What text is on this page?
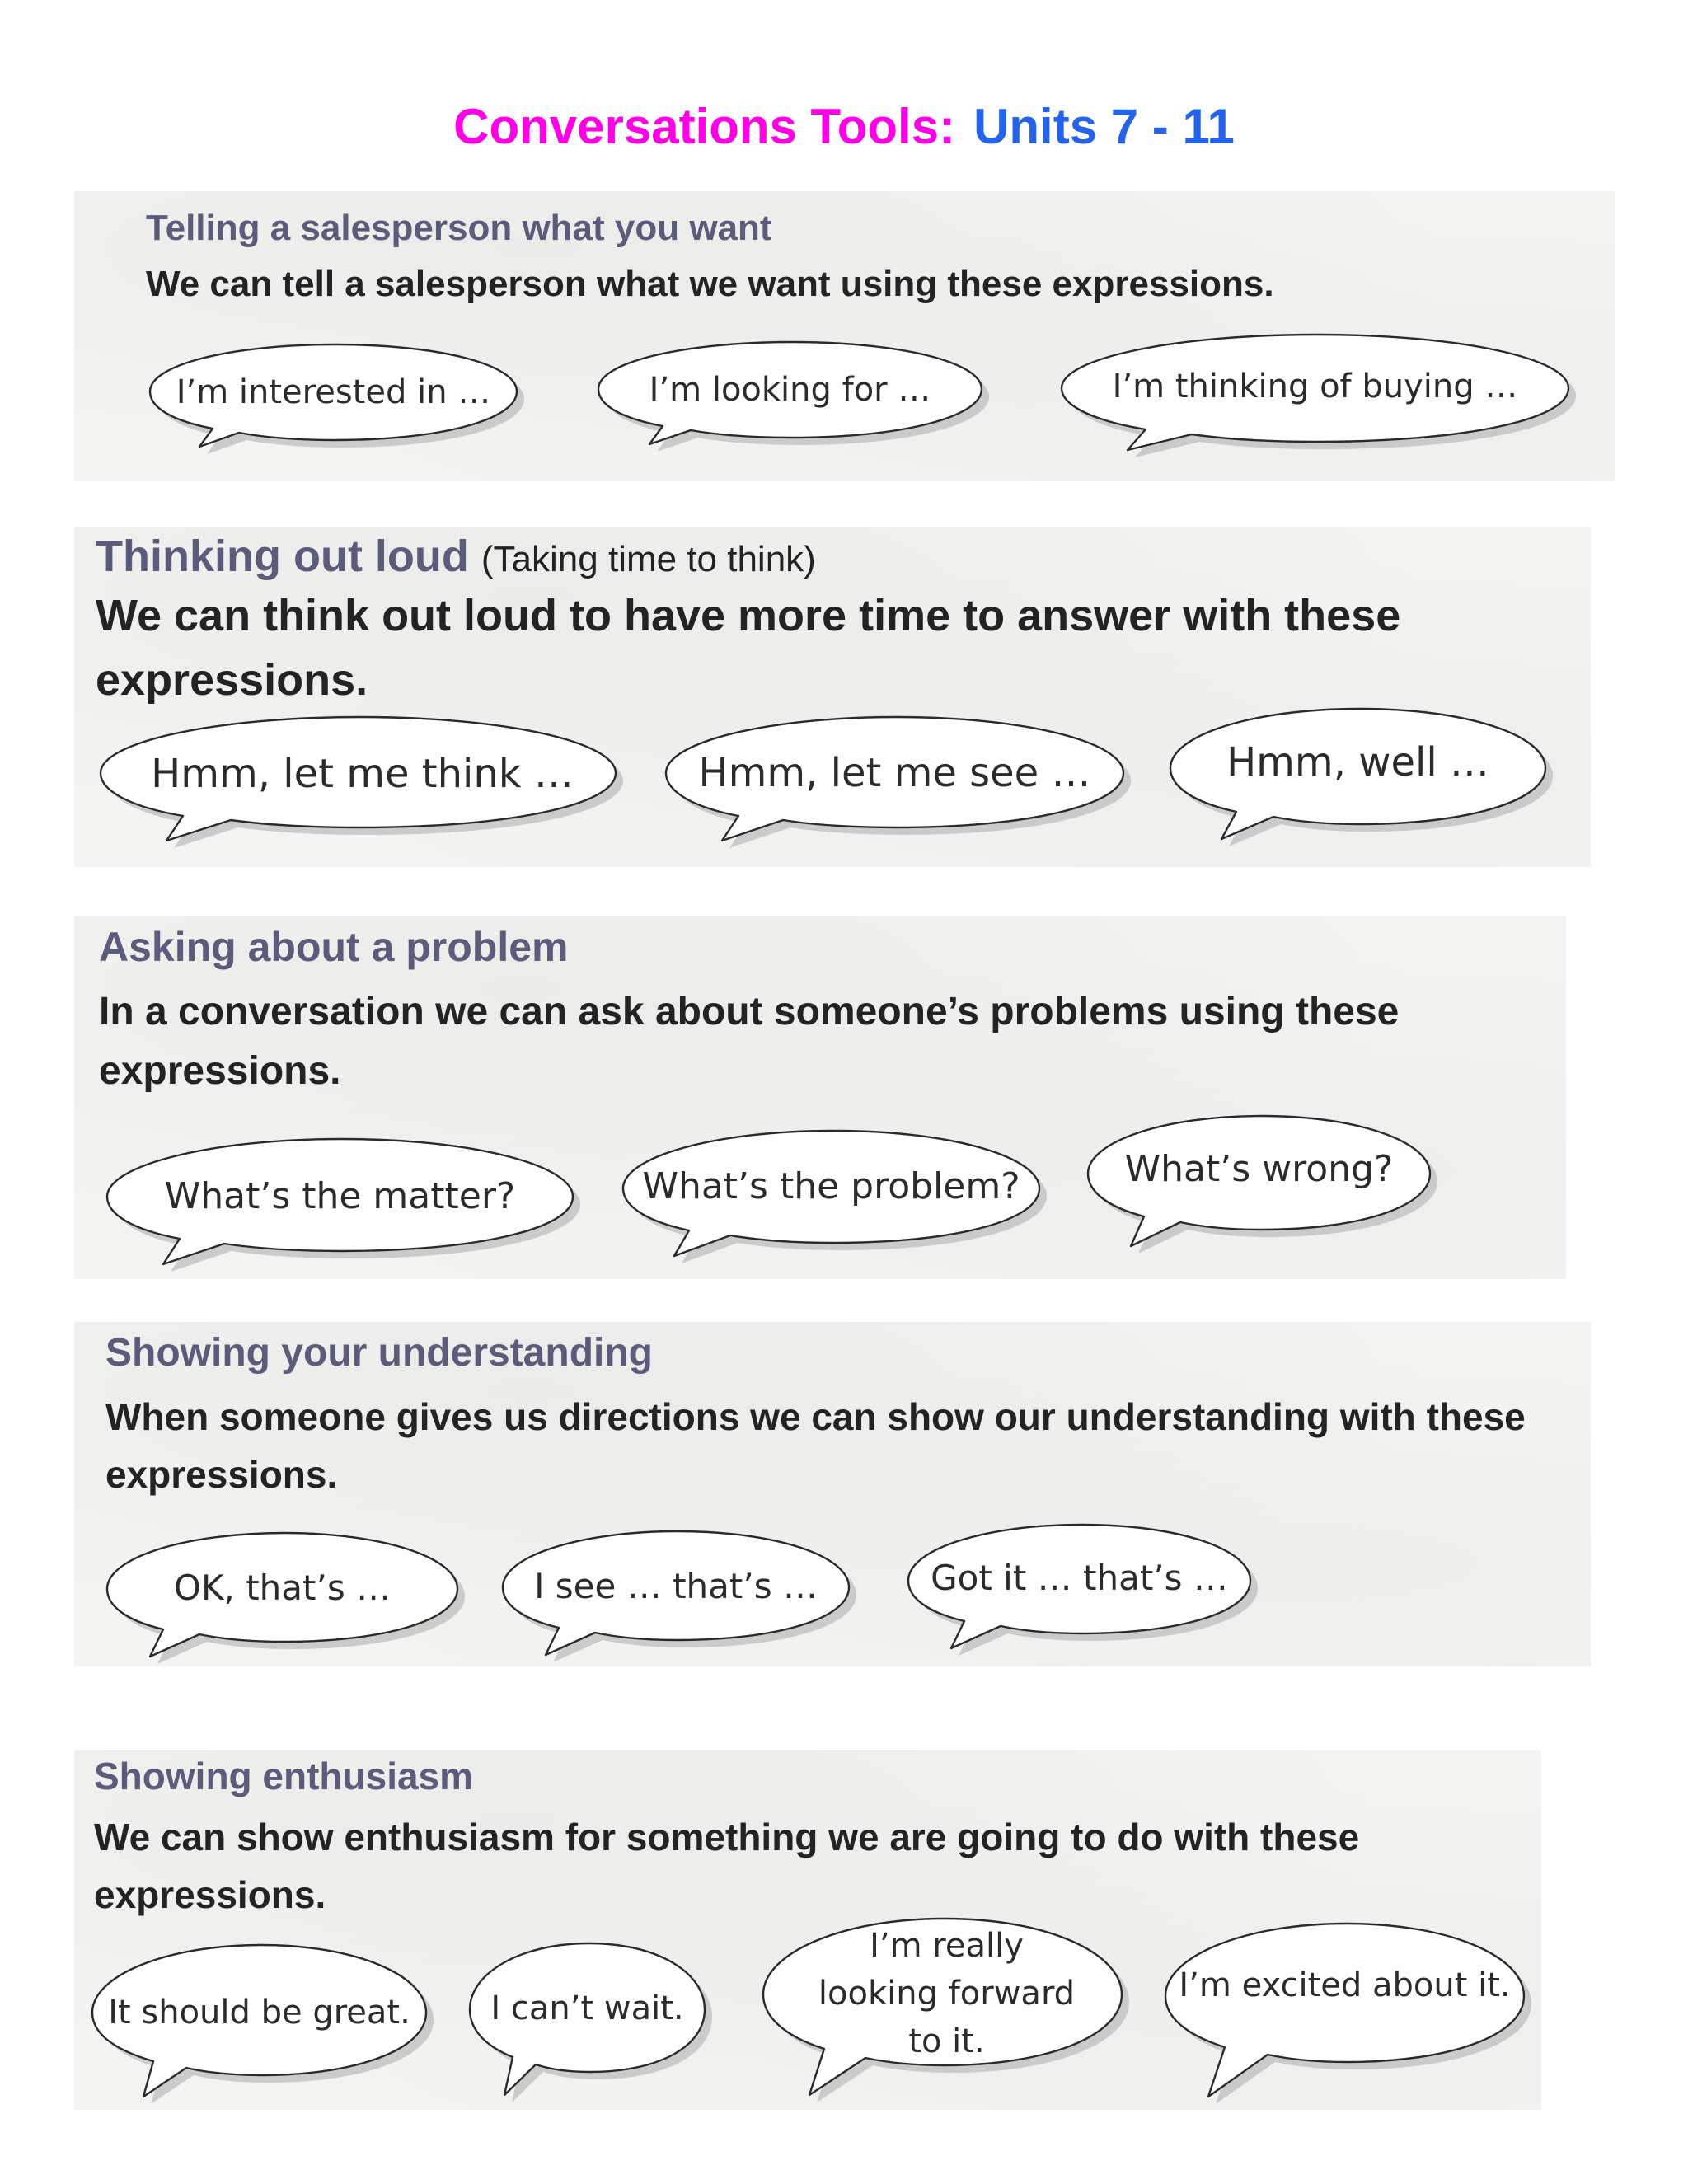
Conversations Tools: Units 7 - 11
Telling a salesperson what you want

We can tell a salesperson what we want using these expressions.

I’m interested in …	I’m looking for …	I’m thinking of buying …
Thinking out loud (Taking time to think)

We can think out loud to have more time to answer with these expressions.

Hmm, let me think …	Hmm, let me see …	Hmm, well …
Asking about a problem

In a conversation we can ask about someone’s problems using these expressions.

What’s the matter?	What’s the problem?	What’s wrong?
Showing your understanding

When someone gives us directions we can show our understanding with these expressions.

OK, that’s …	I see … that’s …	Got it … that’s …
Showing enthusiasm

We can show enthusiasm for something we are going to do with these expressions.

It should be great.	I can’t wait.
I’m really looking forward to it.
I’m excited about it.
